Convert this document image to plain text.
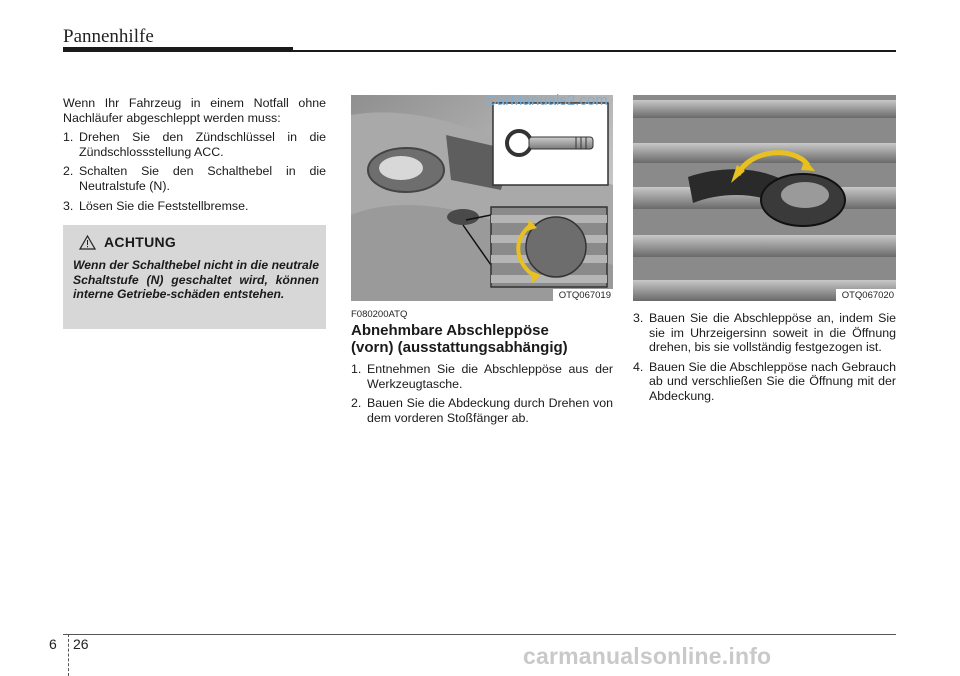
Pannenhilfe
Wenn Ihr Fahrzeug in einem Notfall ohne Nachläufer abgeschleppt werden muss:
1. Drehen Sie den Zündschlüssel in die Zündschlossstellung ACC.
2. Schalten Sie den Schalthebel in die Neutralstufe (N).
3. Lösen Sie die Feststellbremse.
ACHTUNG
Wenn der Schalthebel nicht in die neutrale Schaltstufe (N) geschaltet wird, können interne Getriebe-schäden entstehen.	OTQ067019	OTQ067020
CarManuals2.com
F080200ATQ
Abnehmbare Abschleppöse
(vorn) (ausstattungsabhängig)
1. Entnehmen Sie die Abschleppöse aus der Werkzeugtasche.
2. Bauen Sie die Abdeckung durch Drehen von dem vorderen Stoßfänger ab.
3. Bauen Sie die Abschleppöse an, indem Sie sie im Uhrzeigersinn soweit in die Öffnung drehen, bis sie vollständig festgezogen ist.
4. Bauen Sie die Abschleppöse nach Gebrauch ab und verschließen Sie die Öffnung mit der Abdeckung.
6 26	carmanualsonline.info
